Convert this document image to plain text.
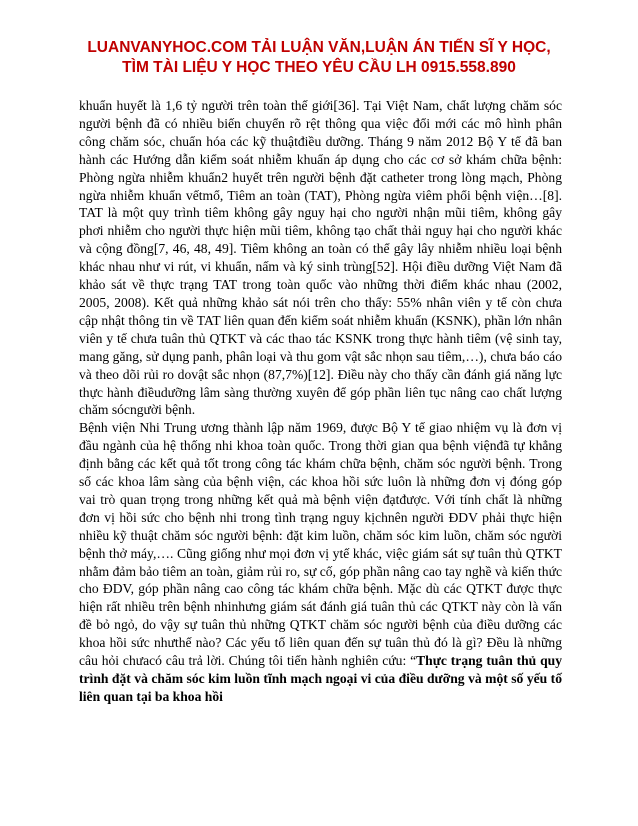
LUANVANYHOC.COM TẢI LUẬN VĂN,LUẬN ÁN TIẾN SĨ Y HỌC,
TÌM TÀI LIỆU Y HỌC THEO YÊU CẦU LH 0915.558.890

khuẩn huyết là 1,6 tỷ người trên toàn thế giới[36]. Tại Việt Nam, chất lượng chăm sóc người bệnh đã có nhiều biến chuyển rõ rệt thông qua việc đổi mới các mô hình phân công chăm sóc, chuẩn hóa các kỹ thuậtđiều dưỡng. Tháng 9 năm 2012 Bộ Y tế đã ban hành các Hướng dẫn kiểm soát nhiễm khuẩn áp dụng cho các cơ sở khám chữa bệnh: Phòng ngừa nhiễm khuẩn2 huyết trên người bệnh đặt catheter trong lòng mạch, Phòng ngừa nhiễm khuẩn vếtmổ, Tiêm an toàn (TAT), Phòng ngừa viêm phổi bệnh viện…[8]. TAT là một quy trình tiêm không gây nguy hại cho người nhận mũi tiêm, không gây phơi nhiễm cho người thực hiện mũi tiêm, không tạo chất thải nguy hại cho người khác và cộng đồng[7, 46, 48, 49]. Tiêm không an toàn có thể gây lây nhiễm nhiều loại bệnh khác nhau như vi rút, vi khuẩn, nấm và ký sinh trùng[52]. Hội điều dưỡng Việt Nam đã khảo sát về thực trạng TAT trong toàn quốc vào những thời điểm khác nhau (2002, 2005, 2008). Kết quả những khảo sát nói trên cho thấy: 55% nhân viên y tế còn chưa cập nhật thông tin về TAT liên quan đến kiểm soát nhiễm khuẩn (KSNK), phần lớn nhân viên y tế chưa tuân thủ QTKT và các thao tác KSNK trong thực hành tiêm (vệ sinh tay, mang găng, sử dụng panh, phân loại và thu gom vật sắc nhọn sau tiêm,…), chưa báo cáo và theo dõi rủi ro dovật sắc nhọn (87,7%)[12]. Điều này cho thấy cần đánh giá năng lực thực hành điềudưỡng lâm sàng thường xuyên để góp phần liên tục nâng cao chất lượng chăm sócngười bệnh.

Bệnh viện Nhi Trung ương thành lập năm 1969, được Bộ Y tế giao nhiệm vụ là đơn vị đầu ngành của hệ thống nhi khoa toàn quốc. Trong thời gian qua bệnh việnđã tự khẳng định bằng các kết quả tốt trong công tác khám chữa bệnh, chăm sóc người bệnh. Trong số các khoa lâm sàng của bệnh viện, các khoa hồi sức luôn là những đơn vị đóng góp vai trò quan trọng trong những kết quả mà bệnh viện đạtđược. Với tính chất là những đơn vị hồi sức cho bệnh nhi trong tình trạng nguy kịchnên người ĐDV phải thực hiện nhiều kỹ thuật chăm sóc người bệnh: đặt kim luồn, chăm sóc kim luồn, chăm sóc người bệnh thở máy,…. Cũng giống như mọi đơn vị ytế khác, việc giám sát sự tuân thủ QTKT nhằm đảm bảo tiêm an toàn, giảm rủi ro, sự cố, góp phần nâng cao tay nghề và kiến thức cho ĐDV, góp phần nâng cao công tác khám chữa bệnh. Mặc dù các QTKT được thực hiện rất nhiều trên bệnh nhinhưng giám sát đánh giá tuân thủ các QTKT này còn là vấn đề bỏ ngỏ, do vậy sự tuân thủ những QTKT chăm sóc người bệnh của điều dưỡng các khoa hồi sức nhưthế nào? Các yếu tố liên quan đến sự tuân thủ đó là gì? Đều là những câu hỏi chưacó câu trả lời. Chúng tôi tiến hành nghiên cứu: “Thực trạng tuân thủ quy trình đặt và chăm sóc kim luồn tĩnh mạch ngoại vi của điều dưỡng và một số yếu tố liên quan tại ba khoa hồi
